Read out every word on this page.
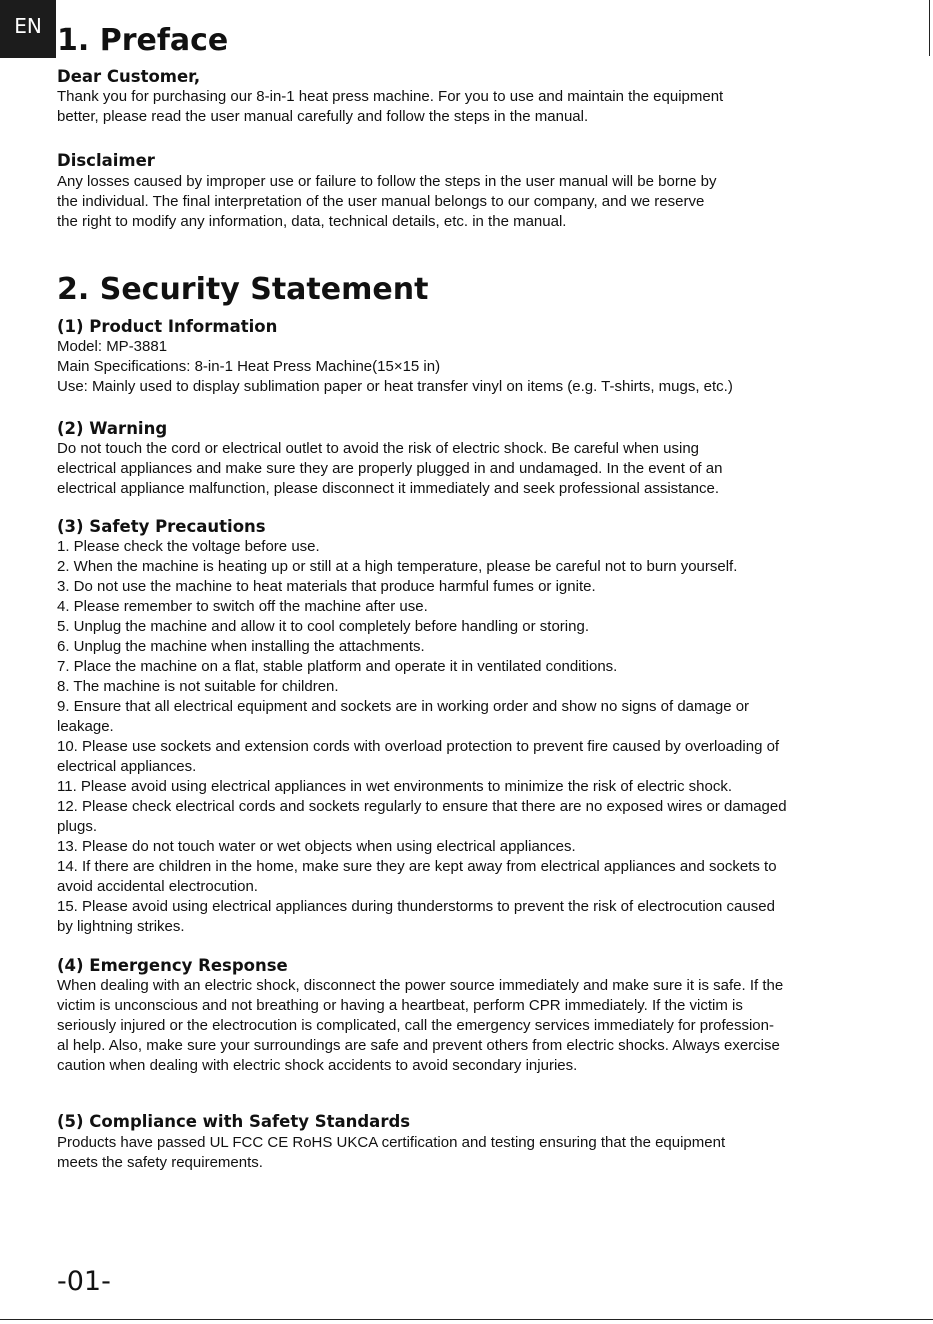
EN 1. Preface
Dear Customer,

Thank you for purchasing our 8-in-1 heat press machine. For you to use and maintain the equipment

better, please read the user manual carefully and follow the steps in the manual.

Disclaimer

Any losses caused by improper use or failure to follow the steps in the user manual will be borne by

the individual. The final interpretation of the user manual belongs to our company, and we reserve

the right to modify any information, data, technical details, etc. in the manual.

2. Security Statement
(1) Product Information

Model: MP-3881

Main Specifications: 8-in-1 Heat Press Machine(15×15 in)

Use: Mainly used to display sublimation paper or heat transfer vinyl on items (e.g. T-shirts, mugs, etc.)

(2) Warning

Do not touch the cord or electrical outlet to avoid the risk of electric shock. Be careful when using

electrical appliances and make sure they are properly plugged in and undamaged. In the event of an

electrical appliance malfunction, please disconnect it immediately and seek professional assistance.

(3) Safety Precautions

1. Please check the voltage before use.

2. When the machine is heating up or still at a high temperature, please be careful not to burn yourself.

3. Do not use the machine to heat materials that produce harmful fumes or ignite.

4. Please remember to switch off the machine after use.

5. Unplug the machine and allow it to cool completely before handling or storing.

6. Unplug the machine when installing the attachments.

7. Place the machine on a flat, stable platform and operate it in ventilated conditions.

8. The machine is not suitable for children.

9. Ensure that all electrical equipment and sockets are in working order and show no signs of damage or

leakage.

10. Please use sockets and extension cords with overload protection to prevent fire caused by overloading of

electrical appliances.

11. Please avoid using electrical appliances in wet environments to minimize the risk of electric shock.

12. Please check electrical cords and sockets regularly to ensure that there are no exposed wires or damaged

plugs.

13. Please do not touch water or wet objects when using electrical appliances.

14. If there are children in the home, make sure they are kept away from electrical appliances and sockets to

avoid accidental electrocution.

15. Please avoid using electrical appliances during thunderstorms to prevent the risk of electrocution caused

by lightning strikes.

(4) Emergency Response

When dealing with an electric shock, disconnect the power source immediately and make sure it is safe. If the

victim is unconscious and not breathing or having a heartbeat, perform CPR immediately. If the victim is

seriously injured or the electrocution is complicated, call the emergency services immediately for profession-

al help. Also, make sure your surroundings are safe and prevent others from electric shocks. Always exercise

caution when dealing with electric shock accidents to avoid secondary injuries.

(5) Compliance with Safety Standards

Products have passed UL FCC CE RoHS UKCA certification and testing ensuring that the equipment

meets the safety requirements.

-01-
